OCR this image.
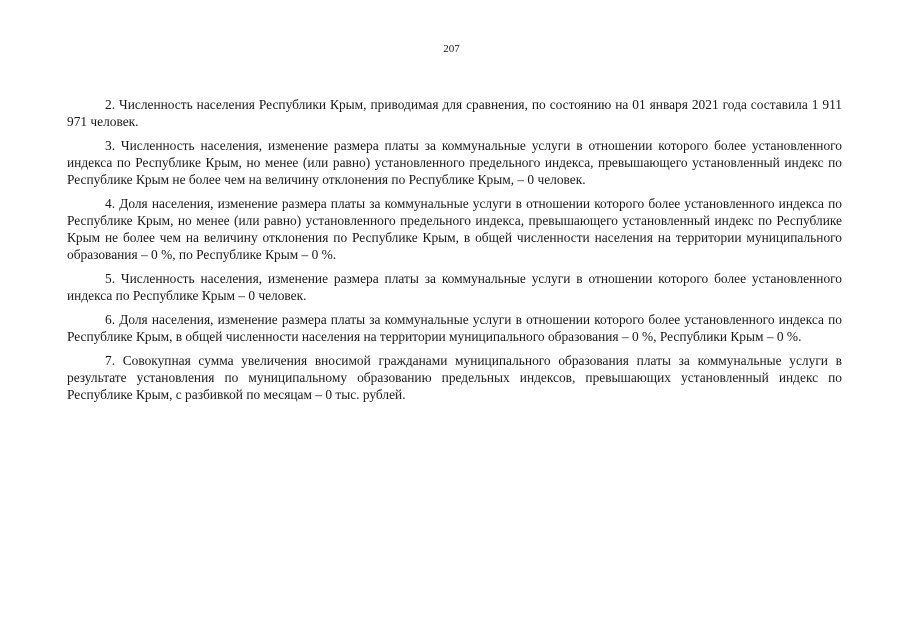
207

2. Численность населения Республики Крым, приводимая для сравнения, по состоянию на 01 января 2021 года составила 1 911 971 человек.

3. Численность населения, изменение размера платы за коммунальные услуги в отношении которого более установленного индекса по Республике Крым, но менее (или равно) установленного предельного индекса, превышающего установленный индекс по Республике Крым не более чем на величину отклонения по Республике Крым, – 0 человек.

4. Доля населения, изменение размера платы за коммунальные услуги в отношении которого более установленного индекса по Республике Крым, но менее (или равно) установленного предельного индекса, превышающего установленный индекс по Республике Крым не более чем на величину отклонения по Республике Крым, в общей численности населения на территории муниципального образования – 0 %, по Республике Крым – 0 %.

5. Численность населения, изменение размера платы за коммунальные услуги в отношении которого более установленного индекса по Республике Крым – 0 человек.

6. Доля населения, изменение размера платы за коммунальные услуги в отношении которого более установленного индекса по Республике Крым, в общей численности населения на территории муниципального образования – 0 %, Республики Крым – 0 %.

7. Совокупная сумма увеличения вносимой гражданами муниципального образования платы за коммунальные услуги в результате установления по муниципальному образованию предельных индексов, превышающих установленный индекс по Республике Крым, с разбивкой по месяцам – 0 тыс. рублей.
